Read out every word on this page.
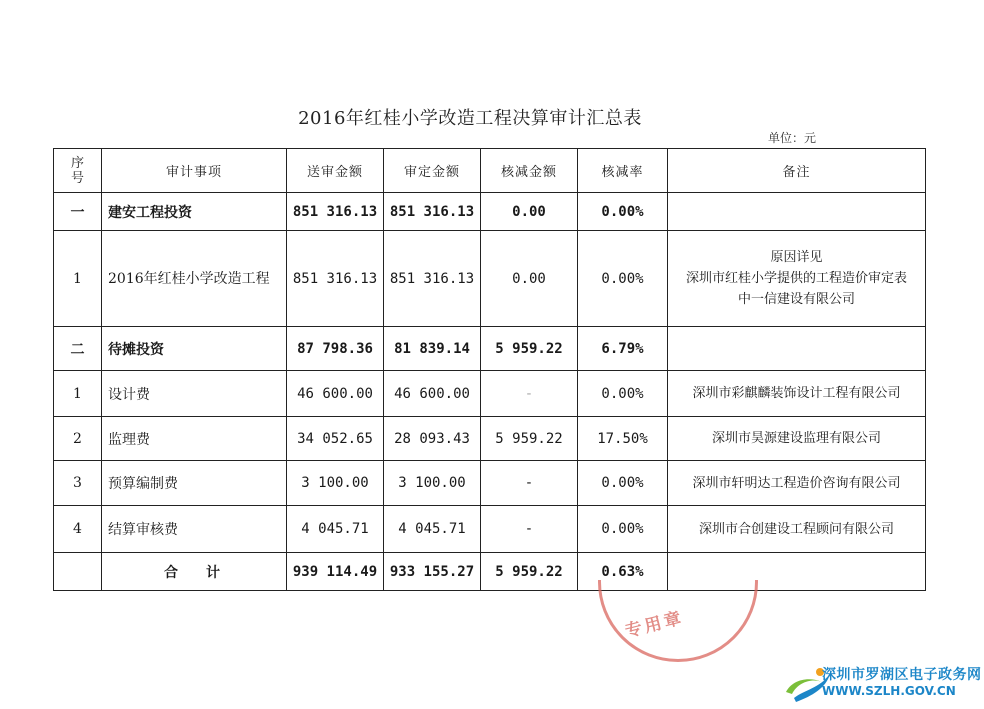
2016年红桂小学改造工程决算审计汇总表
单位：元
序号	审计事项	送审金额	审定金额	核减金额	核减率	备注
一	建安工程投资	851 316.13	851 316.13	0.00	0.00%	
1	2016年红桂小学改造工程	851 316.13	851 316.13	0.00	0.00%	原因详见
深圳市红桂小学提供的工程造价审定表
中一信建设有限公司
二	待摊投资	87 798.36	81 839.14	5 959.22	6.79%	
1	设计费	46 600.00	46 600.00	-	0.00%	深圳市彩麒麟装饰设计工程有限公司
2	监理费	34 052.65	28 093.43	5 959.22	17.50%	深圳市昊源建设监理有限公司
3	预算编制费	3 100.00	3 100.00	-	0.00%	深圳市轩明达工程造价咨询有限公司
4	结算审核费	4 045.71	4 045.71	-	0.00%	深圳市合创建设工程顾问有限公司
	合计	939 114.49	933 155.27	5 959.22	0.63%	
专用章
深圳市罗湖区电子政务网
WWW.SZLH.GOV.CN
